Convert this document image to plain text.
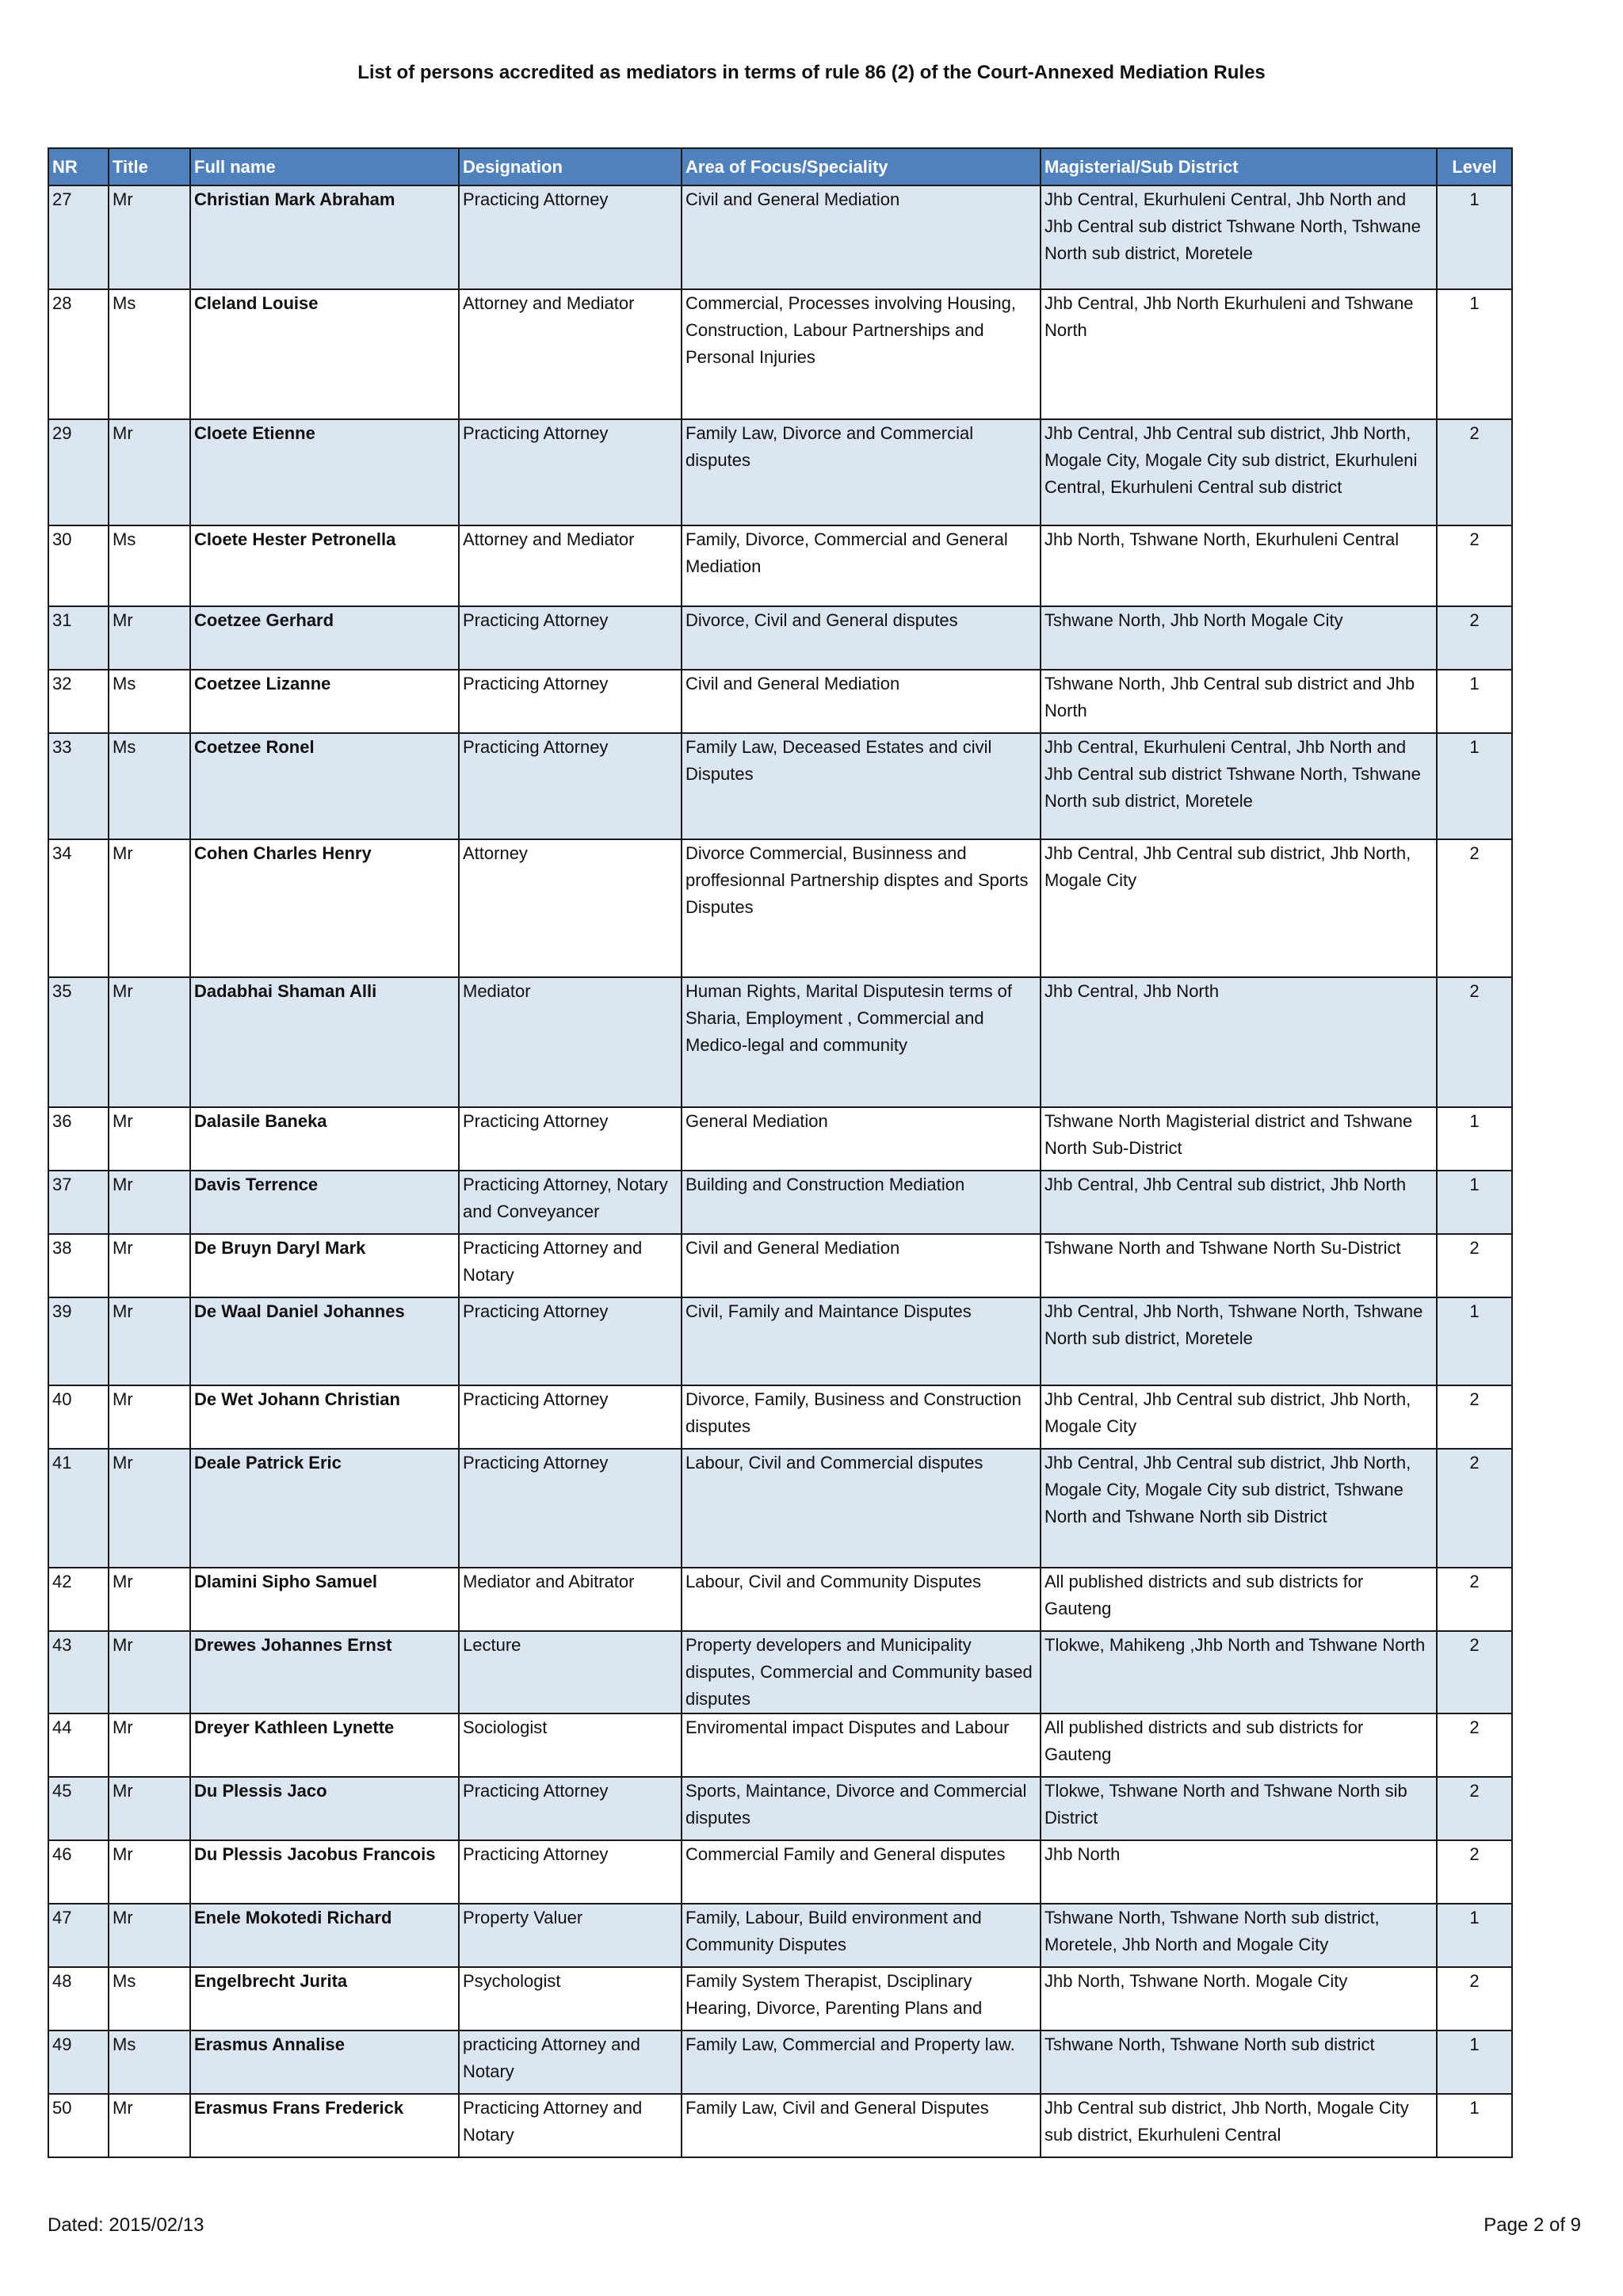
List of persons accredited as mediators in terms of rule 86 (2) of the Court-Annexed Mediation Rules
NR	Title	Full name	Designation	Area of Focus/Speciality	Magisterial/Sub District	Level
27	Mr	Christian Mark Abraham	Practicing Attorney	Civil and General Mediation	Jhb Central, Ekurhuleni Central, Jhb North and Jhb Central sub district Tshwane North, Tshwane North sub district, Moretele	1
28	Ms	Cleland Louise	Attorney and Mediator	Commercial, Processes involving Housing, Construction, Labour Partnerships and Personal Injuries	Jhb Central, Jhb North Ekurhuleni and Tshwane North	1
29	Mr	Cloete Etienne	Practicing Attorney	Family Law, Divorce and Commercial disputes	Jhb Central, Jhb Central sub district, Jhb North, Mogale City, Mogale City sub district, Ekurhuleni Central, Ekurhuleni Central sub district	2
30	Ms	Cloete Hester Petronella	Attorney and Mediator	Family, Divorce, Commercial and General Mediation	Jhb North, Tshwane North, Ekurhuleni Central	2
31	Mr	Coetzee Gerhard	Practicing Attorney	Divorce, Civil and General disputes	Tshwane North, Jhb North Mogale City	2
32	Ms	Coetzee Lizanne	Practicing Attorney	Civil and General Mediation	Tshwane North, Jhb Central sub district and Jhb North	1
33	Ms	Coetzee Ronel	Practicing Attorney	Family Law, Deceased Estates and civil Disputes	Jhb Central, Ekurhuleni Central, Jhb North and Jhb Central sub district Tshwane North, Tshwane North sub district, Moretele	1
34	Mr	Cohen Charles Henry	Attorney	Divorce Commercial, Businness and proffesionnal Partnership disptes and Sports Disputes	Jhb Central, Jhb Central sub district, Jhb North, Mogale City	2
35	Mr	Dadabhai Shaman Alli	Mediator	Human Rights, Marital Disputesin terms of Sharia, Employment , Commercial and Medico-legal and community	Jhb Central, Jhb North	2
36	Mr	Dalasile Baneka	Practicing Attorney	General Mediation	Tshwane North Magisterial district and Tshwane North Sub-District	1
37	Mr	Davis Terrence	Practicing Attorney, Notary and Conveyancer	Building and Construction Mediation	Jhb Central, Jhb Central sub district, Jhb North	1
38	Mr	De Bruyn Daryl Mark	Practicing Attorney and Notary	Civil and General Mediation	Tshwane North and Tshwane North Su-District	2
39	Mr	De Waal Daniel Johannes	Practicing Attorney	Civil, Family and Maintance Disputes	Jhb Central, Jhb North, Tshwane North, Tshwane North sub district, Moretele	1
40	Mr	De Wet Johann Christian	Practicing Attorney	Divorce, Family, Business and Construction disputes	Jhb Central, Jhb Central sub district, Jhb North, Mogale City	2
41	Mr	Deale Patrick Eric	Practicing Attorney	Labour, Civil and Commercial disputes	Jhb Central, Jhb Central sub district, Jhb North, Mogale City, Mogale City sub district, Tshwane North and Tshwane North sib District	2
42	Mr	Dlamini Sipho Samuel	Mediator and Abitrator	Labour, Civil and Community Disputes	All published districts and sub districts for Gauteng	2
43	Mr	Drewes Johannes Ernst	Lecture	Property developers and Municipality disputes, Commercial and Community based disputes	Tlokwe, Mahikeng ,Jhb North and Tshwane North	2
44	Mr	Dreyer Kathleen Lynette	Sociologist	Enviromental impact Disputes and Labour	All published districts and sub districts for Gauteng	2
45	Mr	Du Plessis Jaco	Practicing Attorney	Sports, Maintance, Divorce and Commercial disputes	Tlokwe, Tshwane North and Tshwane North sib District	2
46	Mr	Du Plessis Jacobus Francois	Practicing Attorney	Commercial Family and General disputes	Jhb North	2
47	Mr	Enele Mokotedi Richard	Property Valuer	Family, Labour, Build environment and Community Disputes	Tshwane North, Tshwane North sub district, Moretele, Jhb North and Mogale City	1
48	Ms	Engelbrecht Jurita	Psychologist	Family System Therapist, Dsciplinary Hearing, Divorce, Parenting Plans and	Jhb North, Tshwane North. Mogale City	2
49	Ms	Erasmus Annalise	practicing Attorney and Notary	Family Law, Commercial and Property law.	Tshwane North, Tshwane North sub district	1
50	Mr	Erasmus Frans Frederick	Practicing Attorney and Notary	Family Law, Civil and General Disputes	Jhb Central sub district, Jhb North, Mogale City sub district, Ekurhuleni Central	1
Dated: 2015/02/13	Page 2 of 9
